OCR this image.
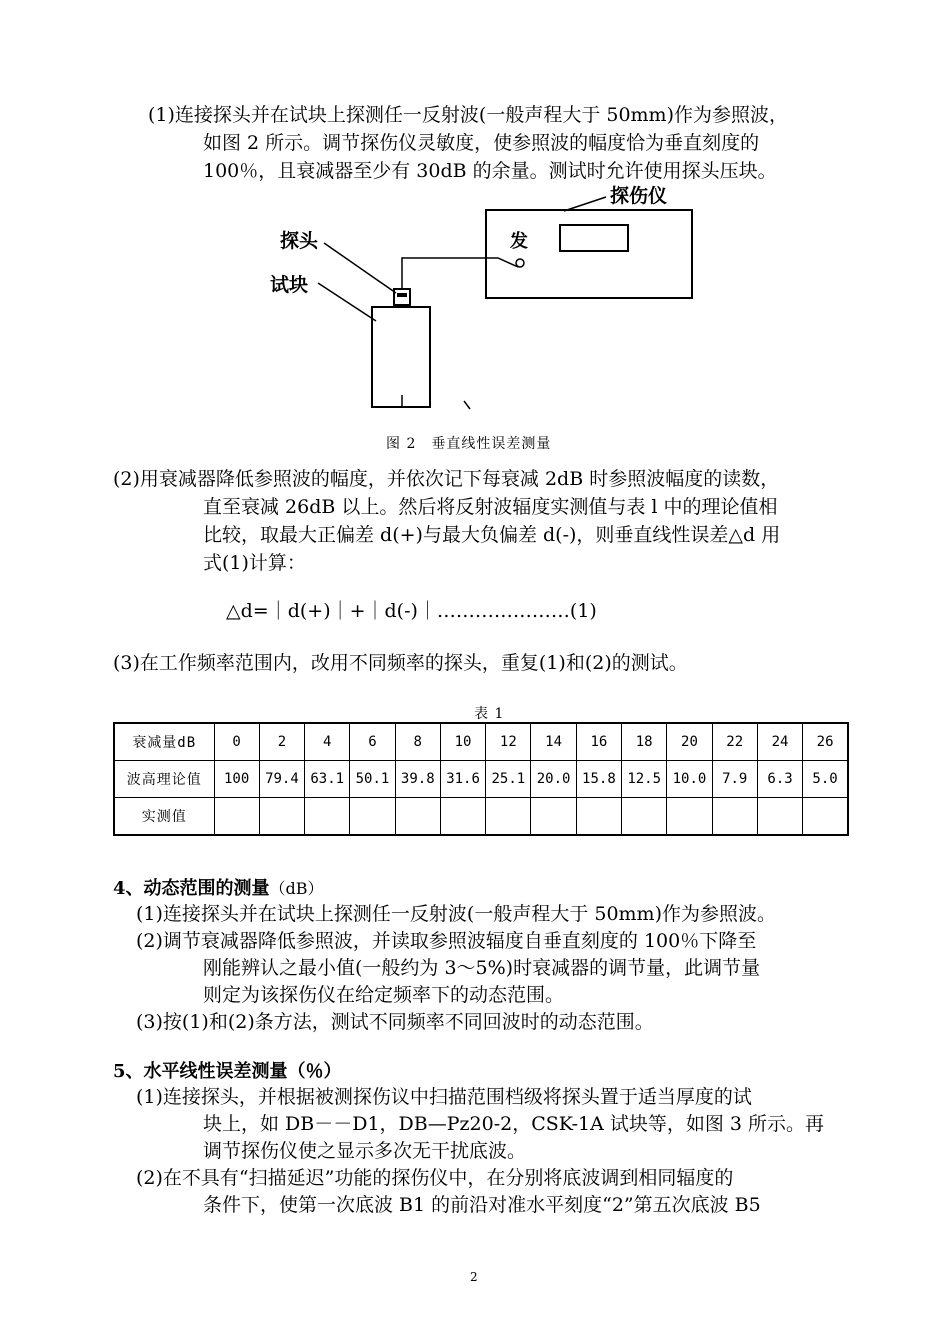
(1)连接探头并在试块上探测任一反射波(一般声程大于 50mm)作为参照波，
如图 2 所示。调节探伤仪灵敏度，使参照波的幅度恰为垂直刻度的
100％，且衰减器至少有 30dB 的余量。测试时允许使用探头压块。
探伤仪
发
探头
试块
图 2　垂直线性误差测量
(2)用衰减器降低参照波的幅度，并依次记下每衰减 2dB 时参照波幅度的读数，
直至衰减 26dB 以上。然后将反射波辐度实测值与表 l 中的理论值相
比较，取最大正偏差 d(+)与最大负偏差 d(-)，则垂直线性误差△d 用
式(1)计算：
△d=｜d(+)｜+｜d(-)｜…………………(1)
(3)在工作频率范围内，改用不同频率的探头，重复(1)和(2)的测试。
表 1
衰减量dB	0	2	4	6	8	10	12	14	16	18	20	22	24	26
波高理论值	100	79.4	63.1	50.1	39.8	31.6	25.1	20.0	15.8	12.5	10.0	7.9	6.3	5.0
实测值														
4、动态范围的测量（dB）
(1)连接探头并在试块上探测任一反射波(一般声程大于 50mm)作为参照波。
(2)调节衰减器降低参照波，并读取参照波辐度自垂直刻度的 100％下降至
刚能辨认之最小值(一般约为 3～5%)时衰减器的调节量，此调节量
则定为该探伤仪在给定频率下的动态范围。
(3)按(1)和(2)条方法，测试不同频率不同回波时的动态范围。
5、水平线性误差测量（％）
(1)连接探头，并根据被测探伤议中扫描范围档级将探头置于适当厚度的试
块上，如 DB－－D1，DB—Pz20-2，CSK-1A 试块等，如图 3 所示。再
调节探伤仪使之显示多次无干扰底波。
(2)在不具有“扫描延迟”功能的探伤仪中，在分别将底波调到相同辐度的
条件下，使第一次底波 B1 的前沿对准水平刻度“2”第五次底波 B5
2
